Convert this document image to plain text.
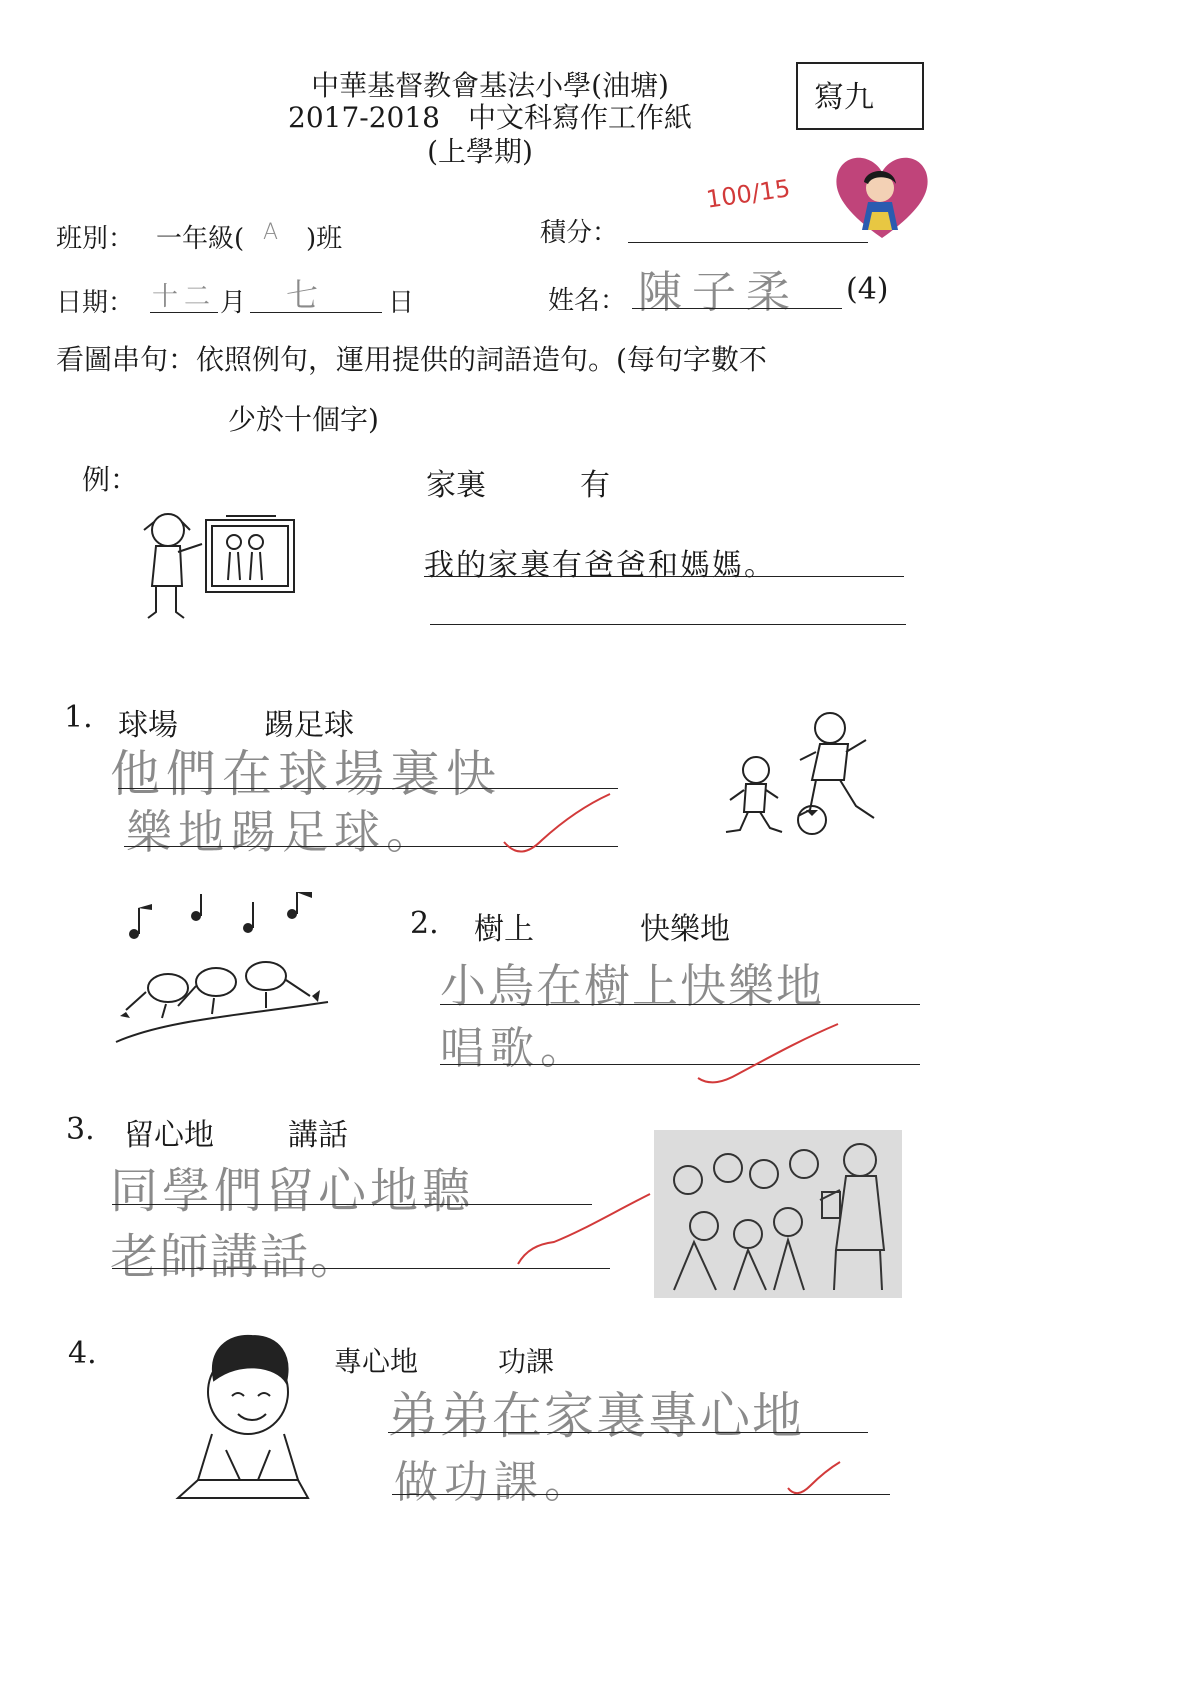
中華基督教會基法小學(油塘)
2017-2018　中文科寫作工作紙
(上學期)
寫九
班別： 一年級( A )班	積分：
100/15
日期： 十二 月 七 日	姓名： 陳子柔 (4)
看圖串句：依照例句，運用提供的詞語造句。(每句字數不
少於十個字)
例：	家裏	有
我的家裏有爸爸和媽媽。
1. 球場	踢足球
他們在球場裏快
樂地踢足球。
2. 樹上	快樂地
小鳥在樹上快樂地
唱歌。
3. 留心地 講話
同學們留心地聽
老師講話。
4.	專心地	功課
弟弟在家裏專心地
做功課。
